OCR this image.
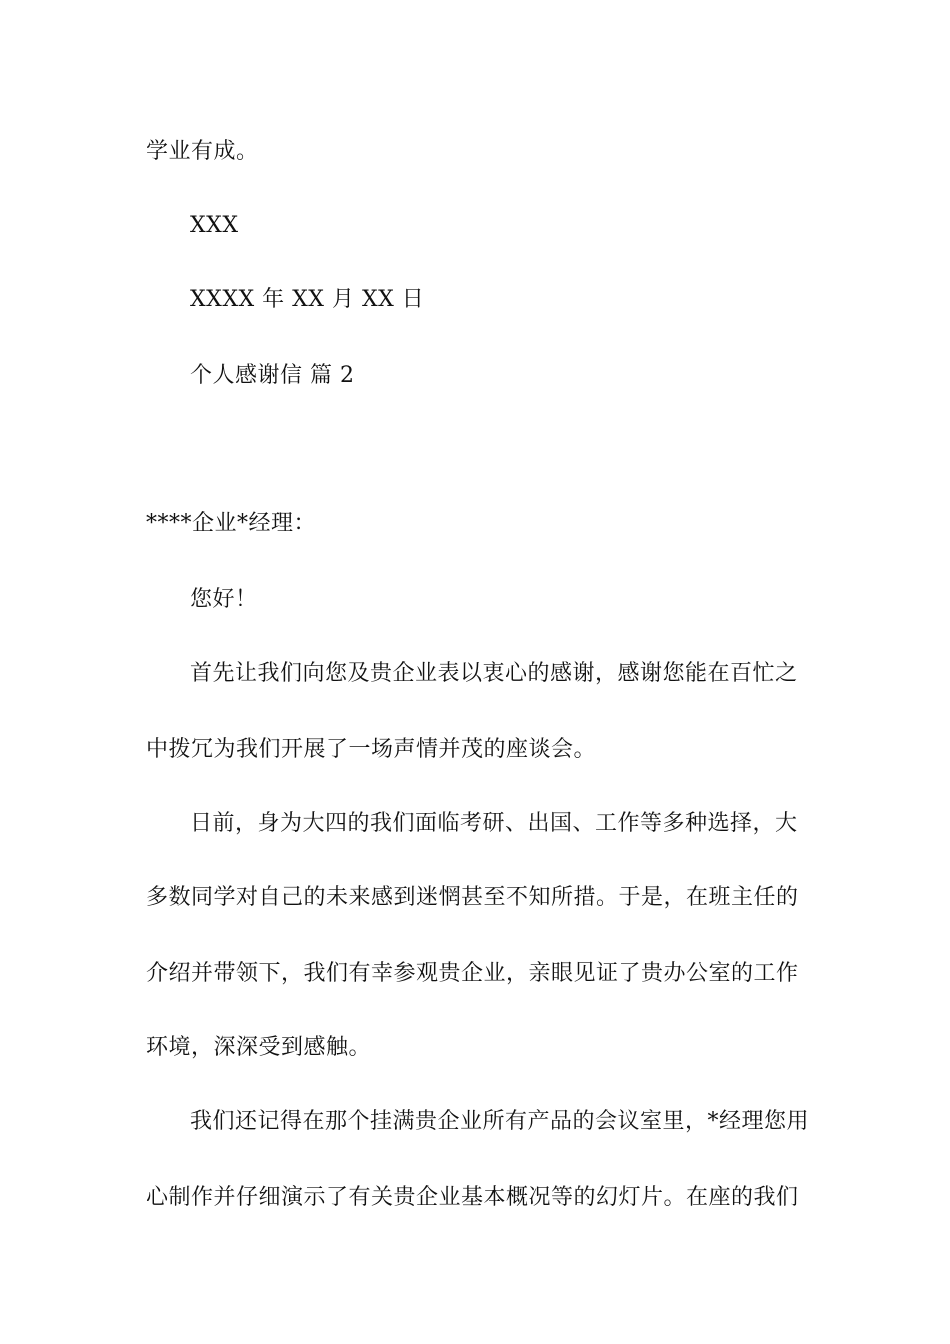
学业有成。
XXX
XXXX 年 XX 月 XX 日
个人感谢信 篇 2
****企业*经理：
您好！
首先让我们向您及贵企业表以衷心的感谢，感谢您能在百忙之
中拨冗为我们开展了一场声情并茂的座谈会。
日前，身为大四的我们面临考研、出国、工作等多种选择，大
多数同学对自己的未来感到迷惘甚至不知所措。于是，在班主任的
介绍并带领下，我们有幸参观贵企业，亲眼见证了贵办公室的工作
环境，深深受到感触。
我们还记得在那个挂满贵企业所有产品的会议室里，*经理您用
心制作并仔细演示了有关贵企业基本概况等的幻灯片。在座的我们
